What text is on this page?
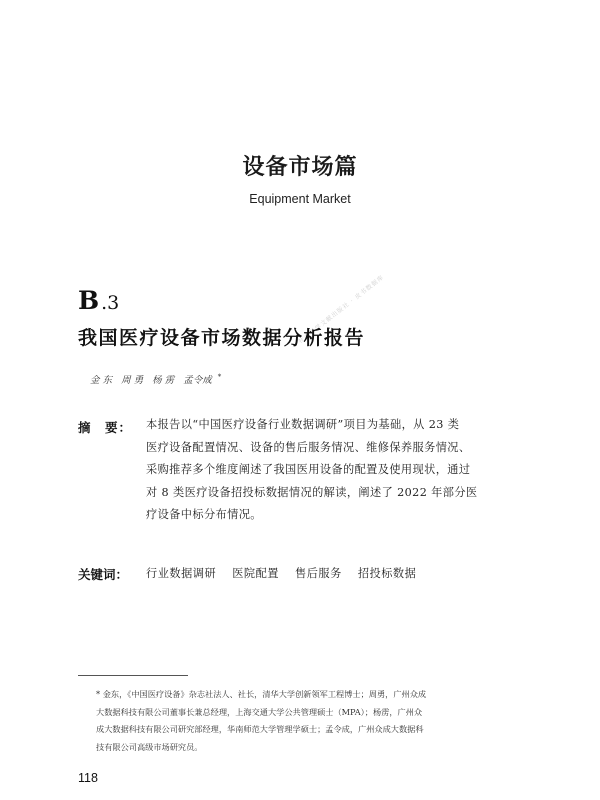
设备市场篇
Equipment Market
社会科学文献出版社 · 皮书数据库
B .3
我国医疗设备市场数据分析报告
金 东 周 勇 杨 雳 孟令成 *
摘　要： 本报告以“中国医疗设备行业数据调研”项目为基础，从 23 类
医疗设备配置情况、设备的售后服务情况、维修保养服务情况、
采购推荐多个维度阐述了我国医用设备的配置及使用现状，通过
对 8 类医疗设备招投标数据情况的解读，阐述了 2022 年部分医
疗设备中标分布情况。
关键词： 行业数据调研 医院配置 售后服务 招投标数据
* 金东，《中国医疗设备》杂志社法人、社长，清华大学创新领军工程博士；周勇，广州众成
大数据科技有限公司董事长兼总经理，上海交通大学公共管理硕士（MPA）；杨雳，广州众
成大数据科技有限公司研究部经理，华南师范大学管理学硕士；孟令成，广州众成大数据科
技有限公司高级市场研究员。
118
